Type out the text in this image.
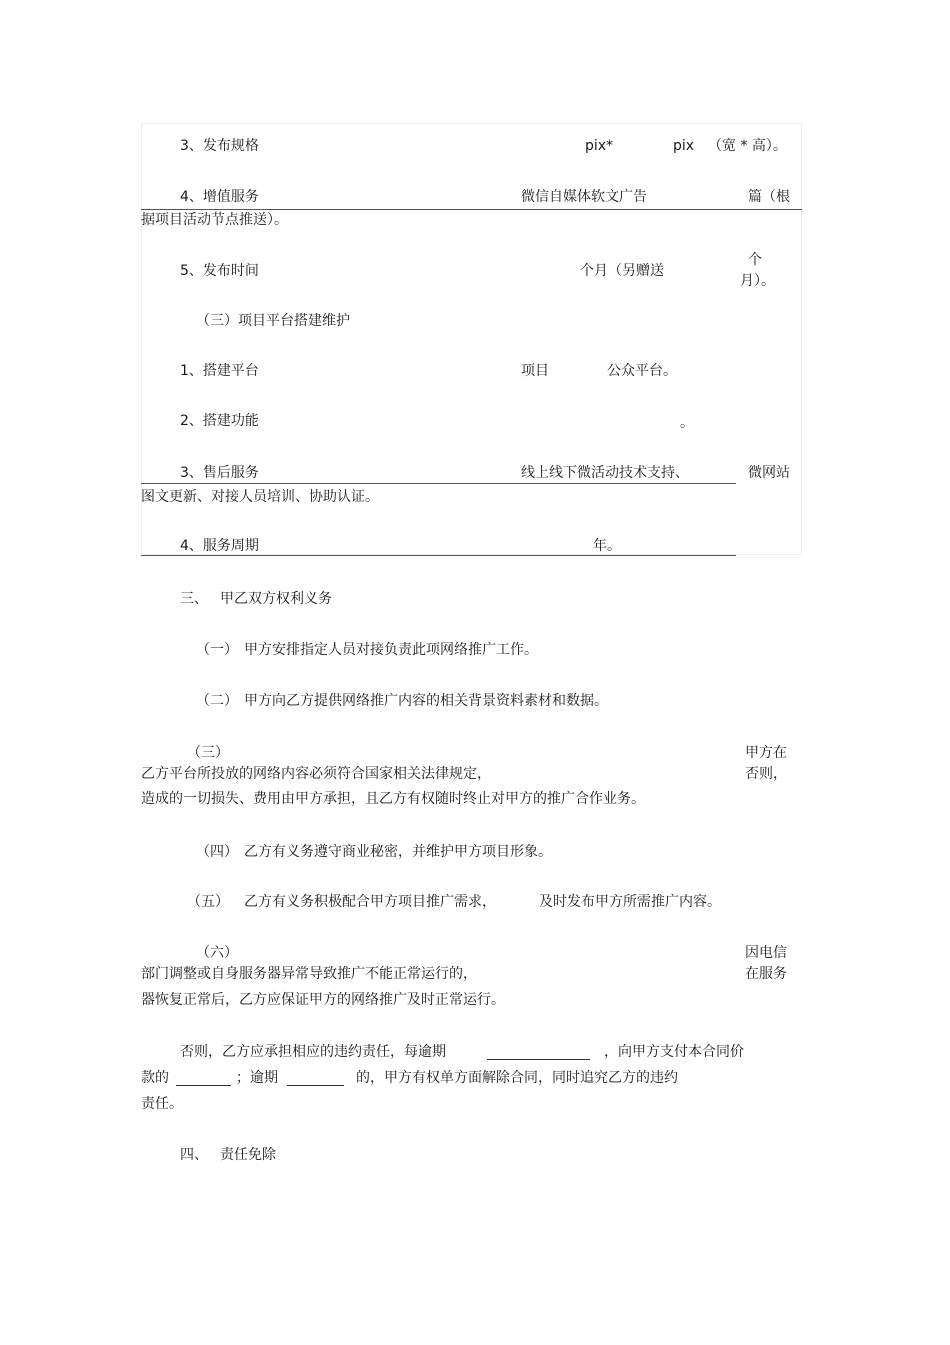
3、发布规格	pix*	pix （宽 * 高）。
4、增值服务	微信自媒体软文广告	篇（根
据项目活动节点推送）。
5、发布时间	个月（另赠送
个
月）。
（三）项目平台搭建维护
1、搭建平台	项目	公众平台。
2、搭建功能	。
3、售后服务	线上线下微活动技术支持、	微网站
图文更新、对接人员培训、协助认证。
4、服务周期	年。
三、 甲乙双方权利义务
（一） 甲方安排指定人员对接负责此项网络推广工作。
（二） 甲方向乙方提供网络推广内容的相关背景资料素材和数据。
（三）	甲方在
乙方平台所投放的网络内容必须符合国家相关法律规定，	否则，
造成的一切损失、费用由甲方承担，且乙方有权随时终止对甲方的推广合作业务。
（四） 乙方有义务遵守商业秘密，并维护甲方项目形象。
（五） 乙方有义务积极配合甲方项目推广需求，	及时发布甲方所需推广内容。
（六）	因电信
部门调整或自身服务器异常导致推广不能正常运行的，	在服务
器恢复正常后，乙方应保证甲方的网络推广及时正常运行。
否则，乙方应承担相应的违约责任，每逾期	，向甲方支付本合同价
款的	；逾期	的，甲方有权单方面解除合同，同时追究乙方的违约
责任。
四、 责任免除
